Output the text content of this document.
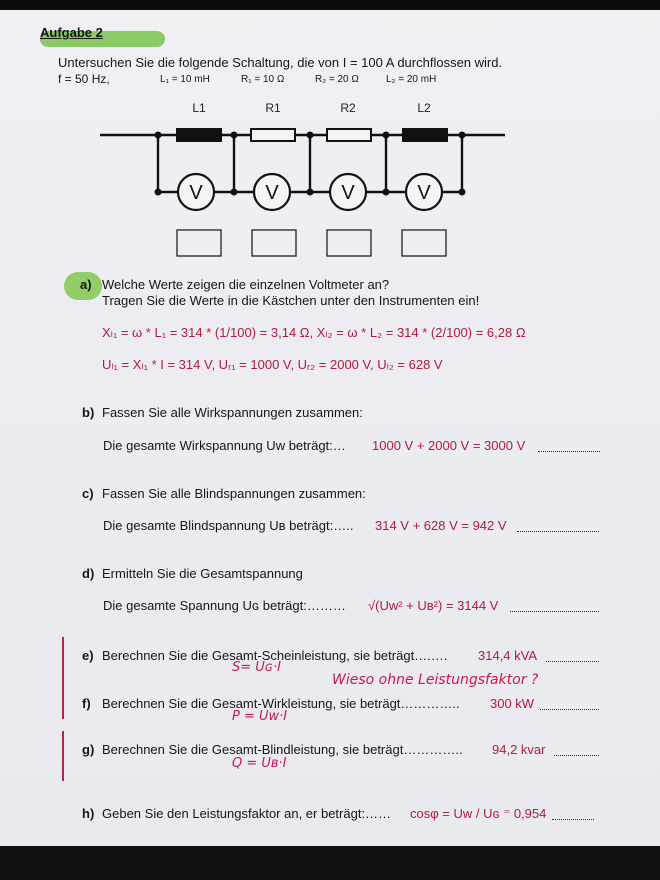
Aufgabe 2
Untersuchen Sie die folgende Schaltung, die von I = 100 A durchflossen wird.
f = 50 Hz,	L₁ = 10 mH	R₁ = 10 Ω	R₂ = 20 Ω	L₂ = 20 mH
L1	R1	R2	L2
V	V	V	V
a) Welche Werte zeigen die einzelnen Voltmeter an?
Tragen Sie die Werte in die Kästchen unter den Instrumenten ein!
Xₗ₁ = ω * L₁ = 314 * (1/100) = 3,14 Ω, Xₗ₂ = ω * L₂ = 314 * (2/100) = 6,28 Ω
Uₗ₁ = Xₗ₁ * I = 314 V, Uᵣ₁ = 1000 V, Uᵣ₂ = 2000 V, Uₗ₂ = 628 V
b) Fassen Sie alle Wirkspannungen zusammen:
Die gesamte Wirkspannung Uᴡ beträgt:… 1000 V + 2000 V = 3000 V
c) Fassen Sie alle Blindspannungen zusammen:
Die gesamte Blindspannung Uʙ beträgt:….. 314 V + 628 V = 942 V
d) Ermitteln Sie die Gesamtspannung
Die gesamte Spannung Uɢ beträgt:……… √(Uᴡ² + Uʙ²) = 3144 V
e) Berechnen Sie die Gesamt-Scheinleistung, sie beträgt….…. 314,4 kVA
S= Uɢ·I
Wieso ohne Leistungsfaktor ?
f) Berechnen Sie die Gesamt-Wirkleistung, sie beträgt………….. 300 kW
P = Uᴡ·I
g) Berechnen Sie die Gesamt-Blindleistung, sie beträgt………….. 94,2 kvar
Q = Uʙ·I
h) Geben Sie den Leistungsfaktor an, er beträgt:…… cosφ = Uᴡ / Uɢ ⁼ 0,954
